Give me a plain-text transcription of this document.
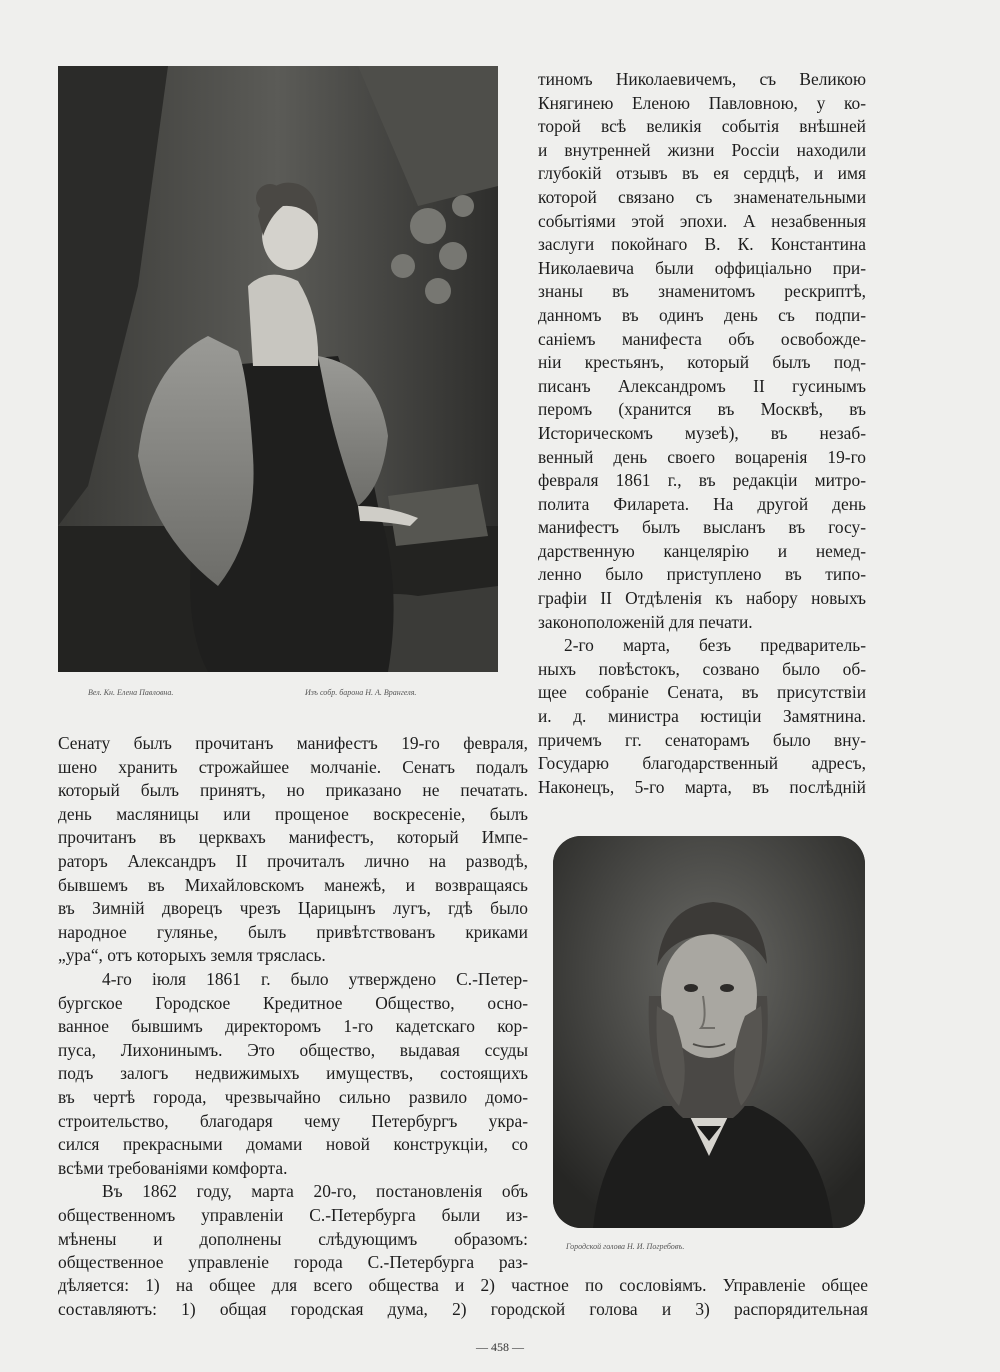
Вел. Кн. Елена Павловна.	Изъ собр. барона Н. А. Врангеля.
тиномъ Николаевичемъ, съ Великою
Княгинею Еленою Павловною, у ко-
торой всѣ великія событія внѣшней
и внутренней жизни Россіи находили
глубокій отзывъ въ ея сердцѣ, и имя
которой связано съ знаменательными
событіями этой эпохи. А незабвенныя
заслуги покойнаго В. К. Константина
Николаевича были оффиціально при-
знаны въ знаменитомъ рескриптѣ,
данномъ въ одинъ день съ подпи-
саніемъ манифеста объ освобожде-
ніи крестьянъ, который былъ под-
писанъ Александромъ II гусинымъ
перомъ (хранится въ Москвѣ, въ
Историческомъ музеѣ), въ незаб-
венный день своего воцаренія 19-го
февраля 1861 г., въ редакціи митро-
полита Филарета. На другой день
манифестъ былъ высланъ въ госу-
дарственную канцелярію и немед-
ленно было приступлено въ типо-
графіи II Отдѣленія къ набору новыхъ
законоположеній для печати.
2-го марта, безъ предваритель-
ныхъ повѣстокъ, созвано было об-
щее собраніе Сената, въ присутствіи
и. д. министра юстиціи Замятнина.
причемъ гг. сенаторамъ было вну-
Государю благодарственный адресъ,
Наконецъ, 5-го марта, въ послѣдній
Сенату былъ прочитанъ манифестъ 19-го февраля,
шено хранить строжайшее молчаніе. Сенатъ подалъ
который былъ принятъ, но приказано не печатать.
день масляницы или прощеное воскресеніе, былъ
прочитанъ въ церквахъ манифестъ, который Импе-
раторъ Александръ II прочиталъ лично на разводѣ,
бывшемъ въ Михайловскомъ манежѣ, и возвращаясь
въ Зимній дворецъ чрезъ Царицынъ лугъ, гдѣ было
народное гулянье, былъ привѣтствованъ криками
„ура“, отъ которыхъ земля тряслась.
4-го іюля 1861 г. было утверждено С.-Петер-
бургское Городское Кредитное Общество, осно-
ванное бывшимъ директоромъ 1-го кадетскаго кор-
пуса, Лихонинымъ. Это общество, выдавая ссуды
подъ залогъ недвижимыхъ имуществъ, состоящихъ
въ чертѣ города, чрезвычайно сильно развило домо-
строительство, благодаря чему Петербургъ укра-
сился прекрасными домами новой конструкціи, со
всѣми требованіями комфорта.
Въ 1862 году, марта 20-го, постановленія объ
общественномъ управленіи С.-Петербурга были из-
мѣнены и дополнены слѣдующимъ образомъ:
общественное управленіе города С.-Петербурга раз-
Городской голова Н. И. Погребовъ.
дѣляется: 1) на общее для всего общества и 2) частное по сословіямъ. Управленіе общее
составляютъ: 1) общая городская дума, 2) городской голова и 3) распорядительная
— 458 —
